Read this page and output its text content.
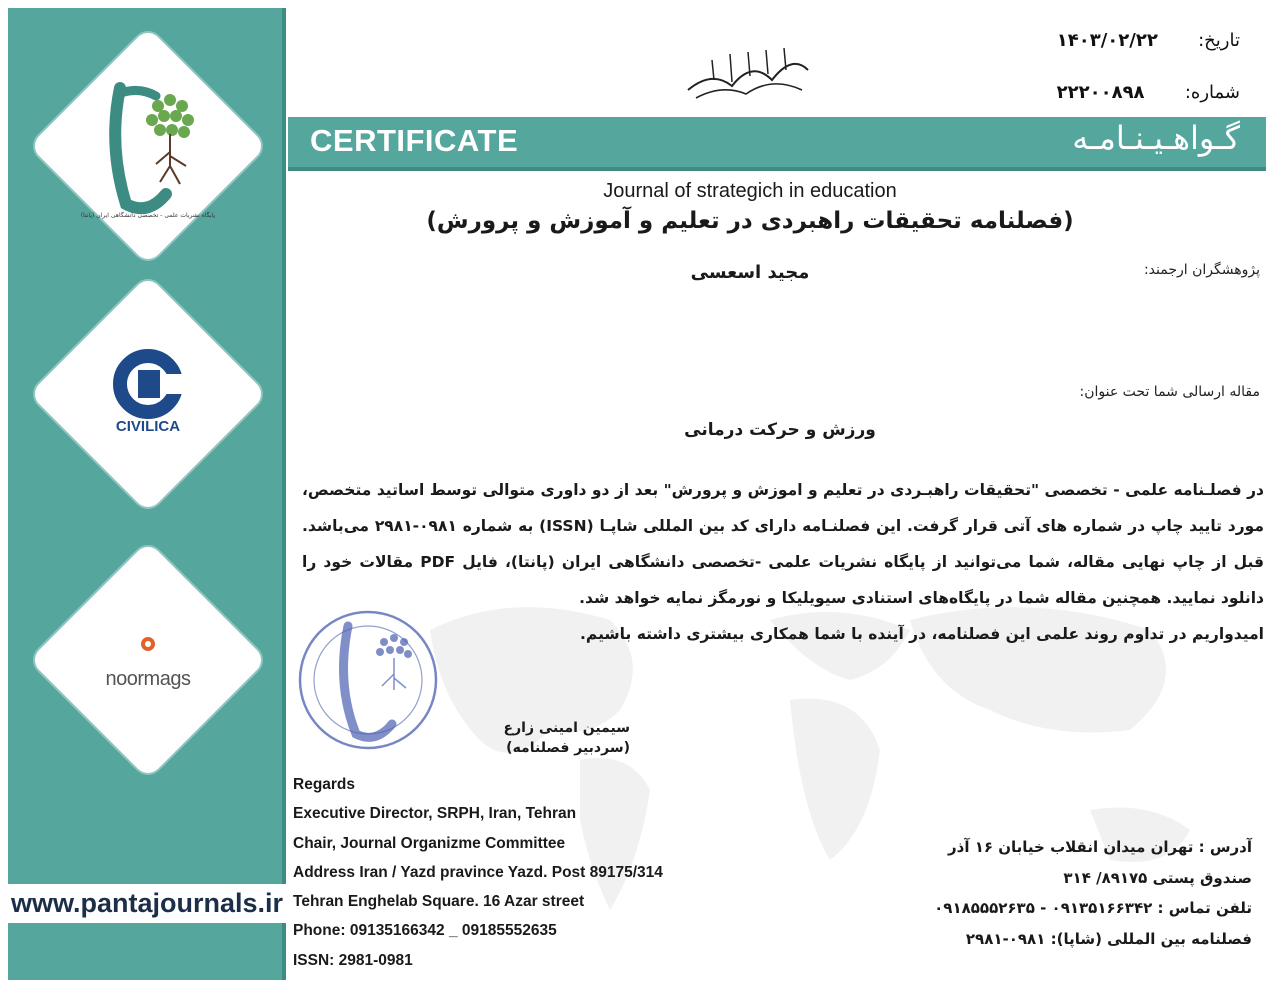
پایگاه نشریات علمی - تخصصی دانشگاهی ایران (پانتا)
CIVILICA
noormags
www.pantajournals.ir
تاریخ: ۱۴۰۳/۰۲/۲۲
شماره: ۲۲۲۰۰۸۹۸
CERTIFICATE	گـواهـیـنـامـه
Journal of strategich in education
(فصلنامه تحقیقات راهبردی در تعلیم و آموزش و پرورش)
پژوهشگران ارجمند:
مجید اسعسی
مقاله ارسالی شما تحت عنوان:
ورزش و حرکت درمانی

در فصلـنامه علمی - تخصصی "تحقیقات راهبـردی در تعلیم و اموزش و پرورش" بعد از دو داوری متوالی توسط اساتید متخصص، مورد تایید چاپ در شماره های آتی قرار گرفت. این فصلنـامه دارای کد بین المللی شاپـا (ISSN) به شماره ۰۹۸۱-۲۹۸۱ می‌باشد. قبل از چاپ نهایی مقاله، شما می‌توانید از پایگاه نشریات علمی -تخصصی دانشگاهی ایران (پانتا)، فایل PDF مقالات خود را دانلود نمایید. همچنین مقاله شما در پایگاه‌های استنادی سیویلیکا و نورمگز نمایه خواهد شد.

امیدواریم در تداوم روند علمی این فصلنامه، در آینده با شما همکاری بیشتری داشته باشیم.

سیمین امینی زارع
(سردبیر فصلنامه)
Regards
Executive Director, SRPH, Iran, Tehran
Chair, Journal Organizme Committee
Address Iran / Yazd pravince Yazd. Post 89175/314
Tehran Enghelab Square. 16 Azar street
Phone: 09135166342 _ 09185552635
ISSN: 2981-0981
آدرس : تهران میدان انقلاب خیابان ۱۶ آذر
صندوق پستی ۸۹۱۷۵/ ۳۱۴
تلفن تماس : ۰۹۱۳۵۱۶۶۳۴۲ - ۰۹۱۸۵۵۵۲۶۳۵
فصلنامه بین المللی (شاپا): ۰۹۸۱-۲۹۸۱
